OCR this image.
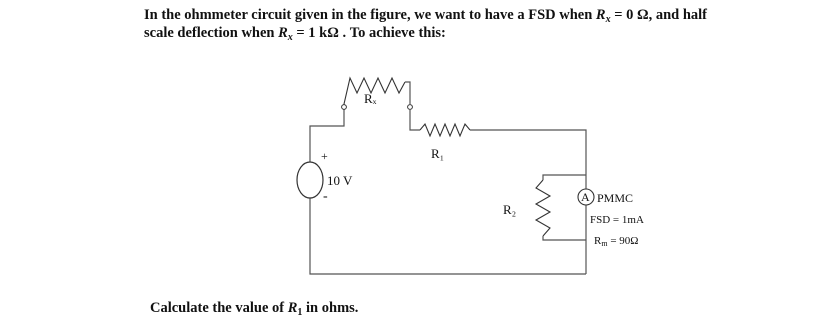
In the ohmmeter circuit given in the figure, we want to have a FSD when $R_x = 0$ Ω, and half
scale deflection when $R_x = 1$ kΩ . To achieve this:
Rₓ
R₁
R₂
A PMMC
FSD = 1mA
Rm = 90Ω
+
-
10 V
Calculate the value of $R_1$ in ohms.
